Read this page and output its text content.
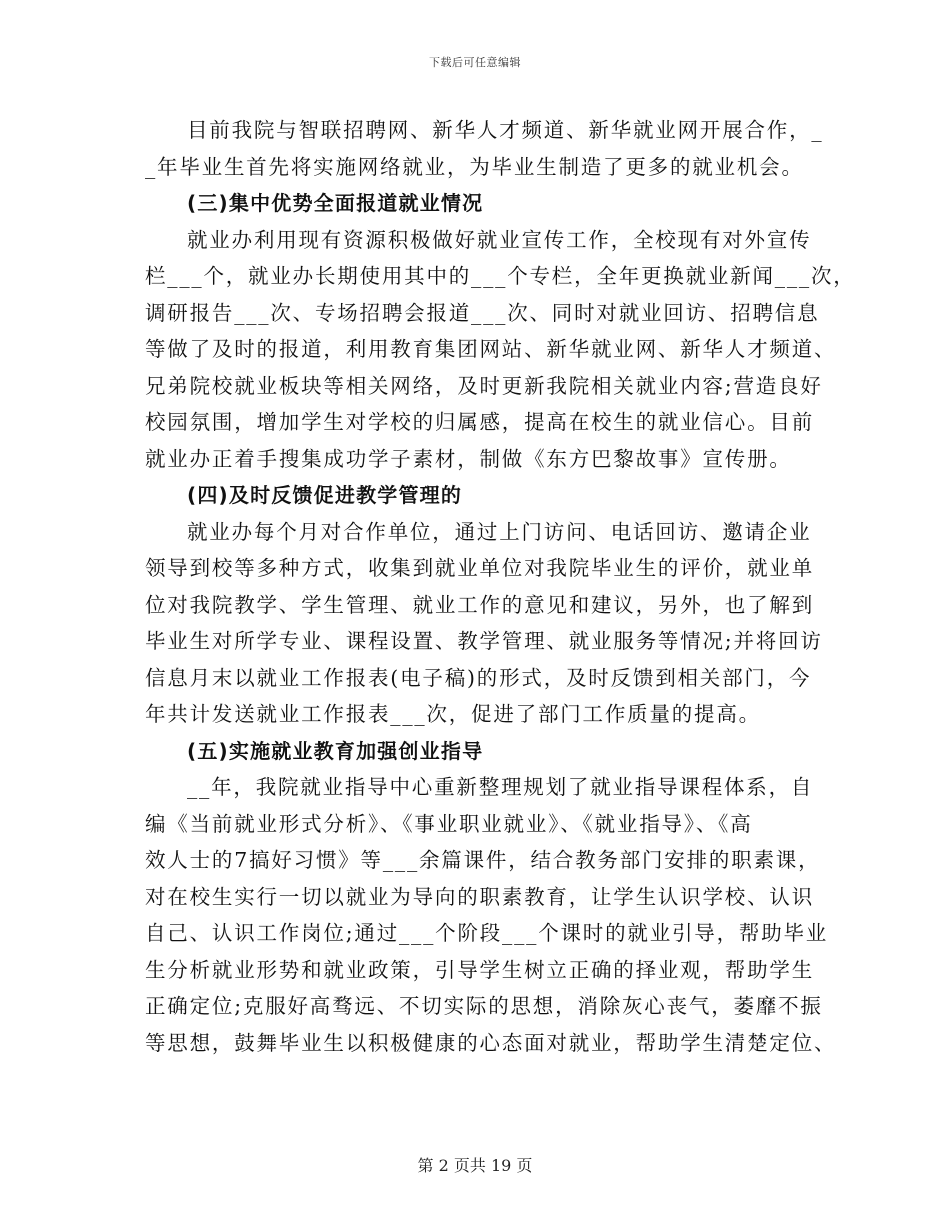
下载后可任意编辑
目前我院与智联招聘网、新华人才频道、新华就业网开展合作，_
_年毕业生首先将实施网络就业，为毕业生制造了更多的就业机会。
(三)集中优势全面报道就业情况
就业办利用现有资源积极做好就业宣传工作，全校现有对外宣传
栏___个，就业办长期使用其中的___个专栏，全年更换就业新闻___次，
调研报告___次、专场招聘会报道___次、同时对就业回访、招聘信息
等做了及时的报道，利用教育集团网站、新华就业网、新华人才频道、
兄弟院校就业板块等相关网络，及时更新我院相关就业内容;营造良好
校园氛围，增加学生对学校的归属感，提高在校生的就业信心。目前
就业办正着手搜集成功学子素材，制做《东方巴黎故事》宣传册。
(四)及时反馈促进教学管理的
就业办每个月对合作单位，通过上门访问、电话回访、邀请企业
领导到校等多种方式，收集到就业单位对我院毕业生的评价，就业单
位对我院教学、学生管理、就业工作的意见和建议，另外，也了解到
毕业生对所学专业、课程设置、教学管理、就业服务等情况;并将回访
信息月末以就业工作报表(电子稿)的形式，及时反馈到相关部门，今
年共计发送就业工作报表___次，促进了部门工作质量的提高。
(五)实施就业教育加强创业指导
__年，我院就业指导中心重新整理规划了就业指导课程体系，自
编《当前就业形式分析》、《事业职业就业》、《就业指导》、《高
效人士的7搞好习惯》等___余篇课件，结合教务部门安排的职素课，
对在校生实行一切以就业为导向的职素教育，让学生认识学校、认识
自己、认识工作岗位;通过___个阶段___个课时的就业引导，帮助毕业
生分析就业形势和就业政策，引导学生树立正确的择业观，帮助学生
正确定位;克服好高骛远、不切实际的思想，消除灰心丧气，萎靡不振
等思想，鼓舞毕业生以积极健康的心态面对就业，帮助学生清楚定位、
第 2 页共 19 页
